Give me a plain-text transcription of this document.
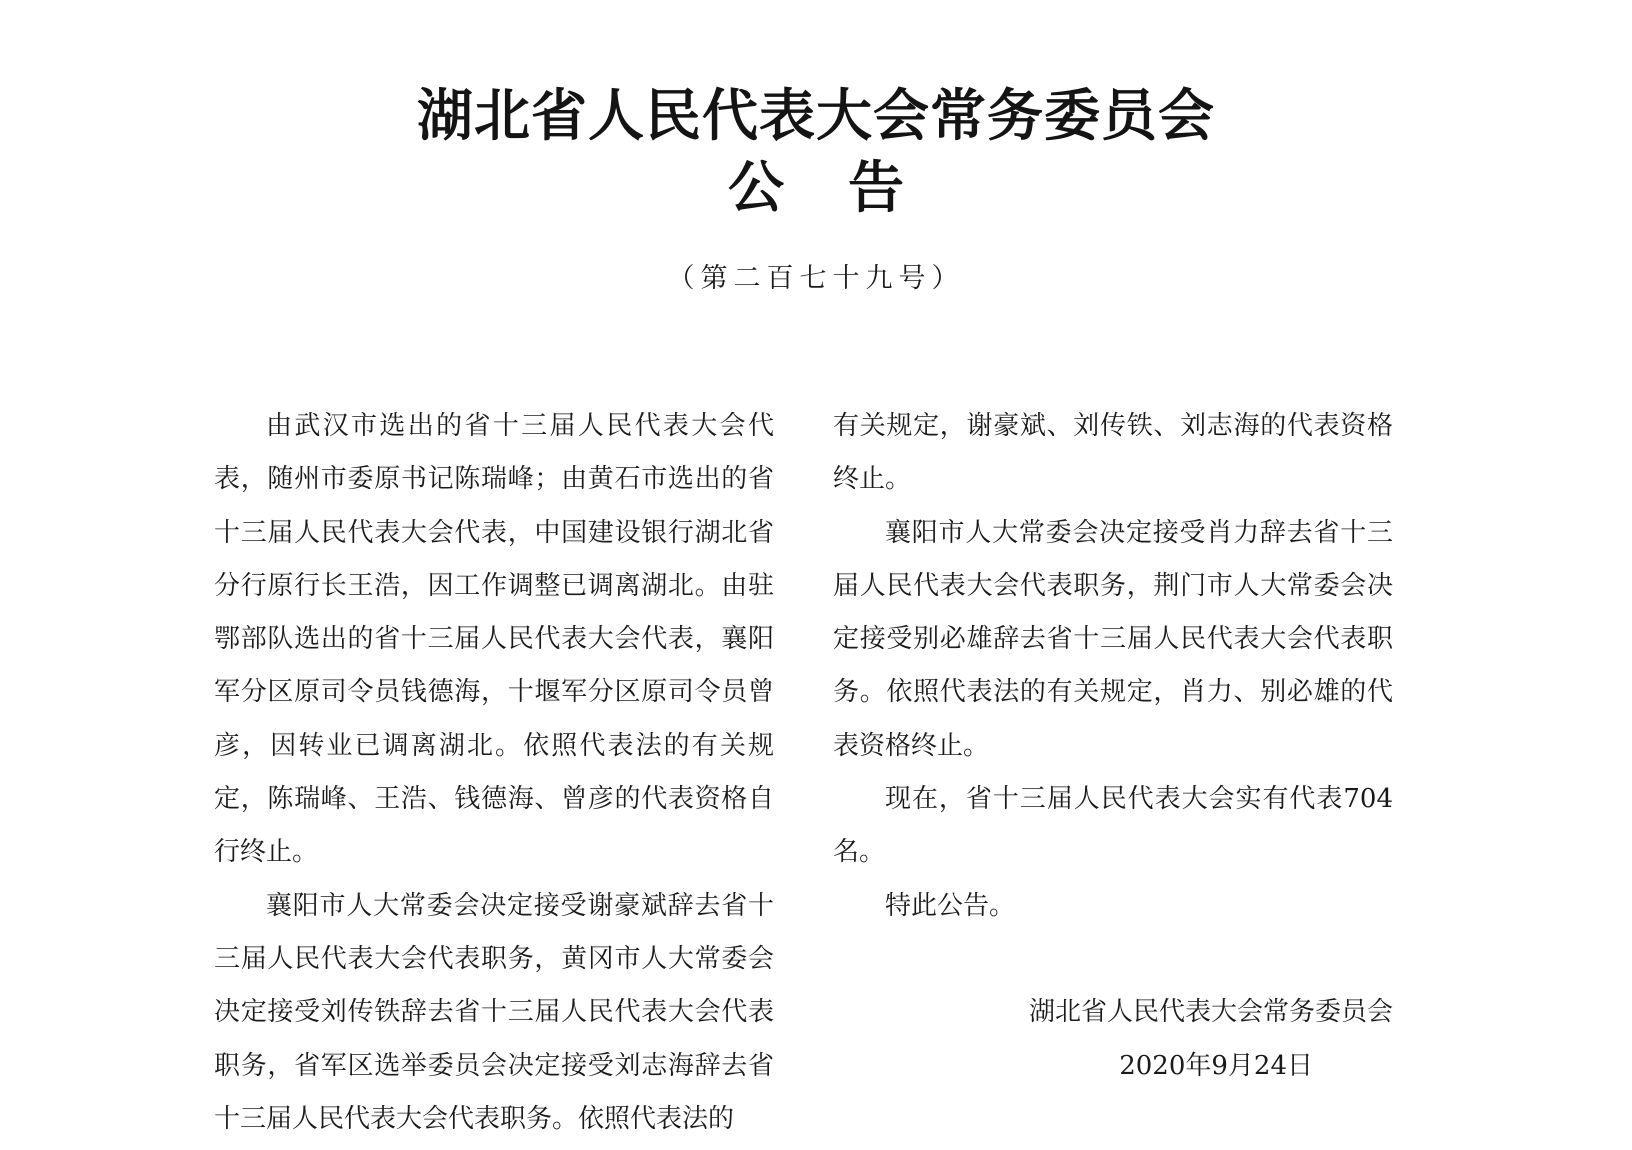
湖北省人民代表大会常务委员会
公告
（第二百七十九号）

由武汉市选出的省十三届人民代表大会代表，随州市委原书记陈瑞峰；由黄石市选出的省十三届人民代表大会代表，中国建设银行湖北省分行原行长王浩，因工作调整已调离湖北。由驻鄂部队选出的省十三届人民代表大会代表，襄阳军分区原司令员钱德海，十堰军分区原司令员曾彦，因转业已调离湖北。依照代表法的有关规定，陈瑞峰、王浩、钱德海、曾彦的代表资格自行终止。

襄阳市人大常委会决定接受谢豪斌辞去省十三届人民代表大会代表职务，黄冈市人大常委会决定接受刘传铁辞去省十三届人民代表大会代表职务，省军区选举委员会决定接受刘志海辞去省十三届人民代表大会代表职务。依照代表法的

有关规定，谢豪斌、刘传铁、刘志海的代表资格终止。

襄阳市人大常委会决定接受肖力辞去省十三届人民代表大会代表职务，荆门市人大常委会决定接受别必雄辞去省十三届人民代表大会代表职务。依照代表法的有关规定，肖力、别必雄的代表资格终止。

现在，省十三届人民代表大会实有代表704名。

特此公告。

湖北省人民代表大会常务委员会

2020年9月24日
